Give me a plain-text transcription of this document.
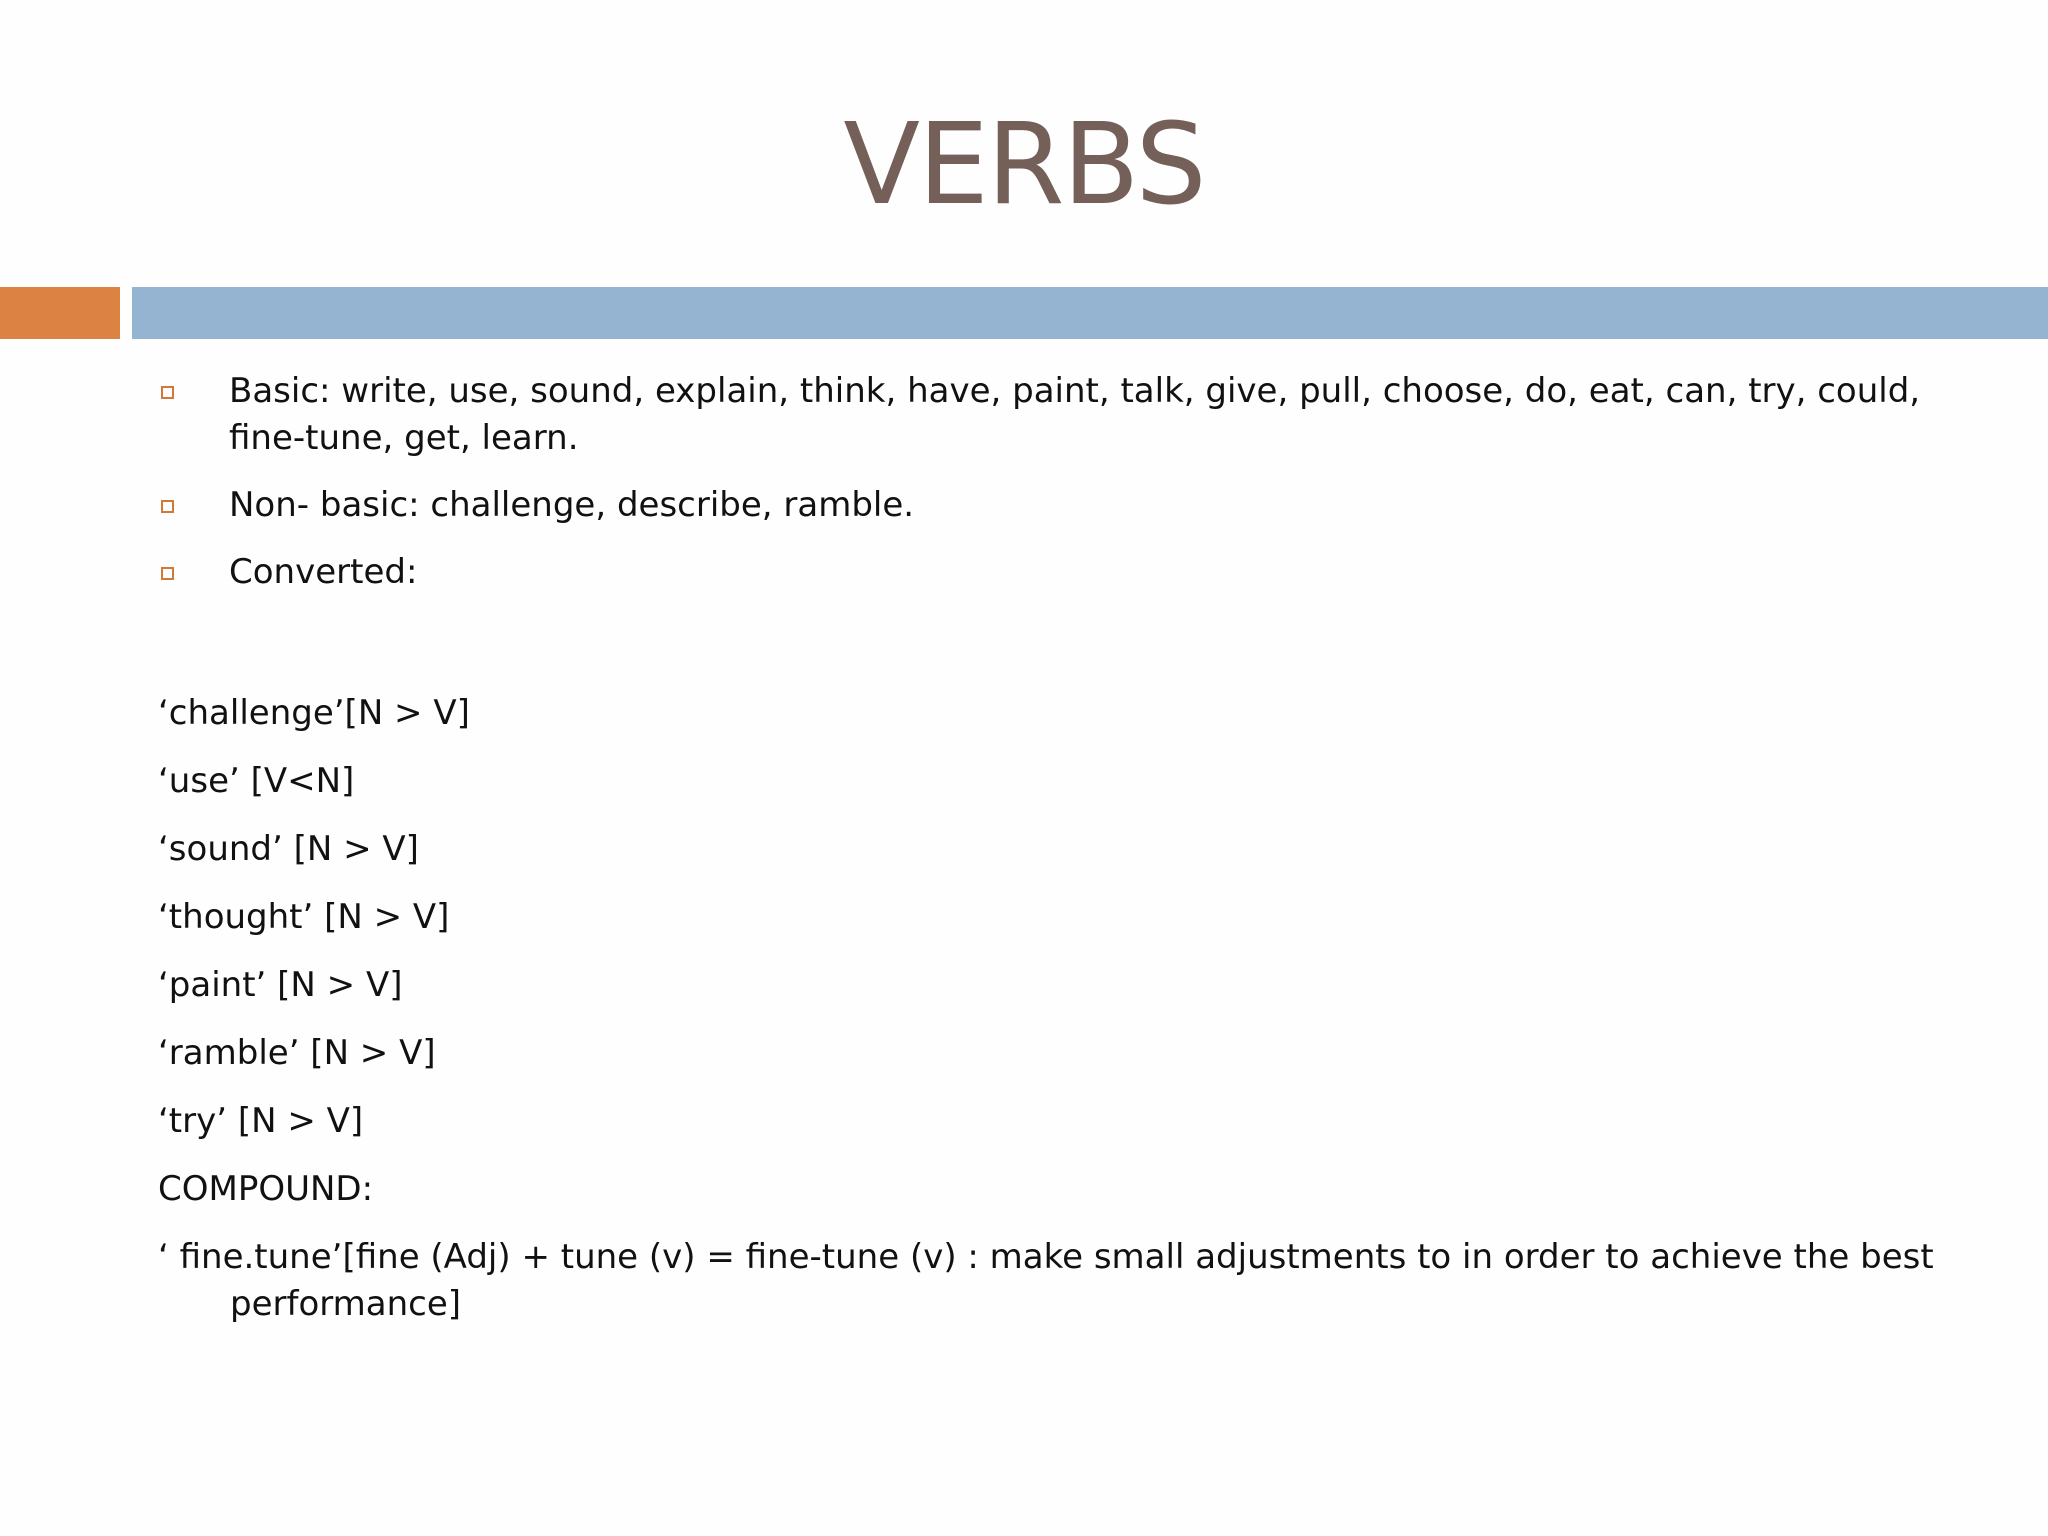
VERBS
Basic: write, use, sound, explain, think, have, paint, talk, give, pull, choose, do, eat, can, try, could, fine-tune, get, learn.
Non- basic: challenge, describe, ramble.
Converted:
‘challenge’[N > V]
‘use’ [V<N]
‘sound’ [N > V]
‘thought’ [N > V]
‘paint’ [N > V]
‘ramble’ [N > V]
‘try’ [N > V]
COMPOUND:
‘ fine.tune’[fine (Adj) + tune (v) = fine-tune (v) : make small adjustments to in order to achieve the best performance]
